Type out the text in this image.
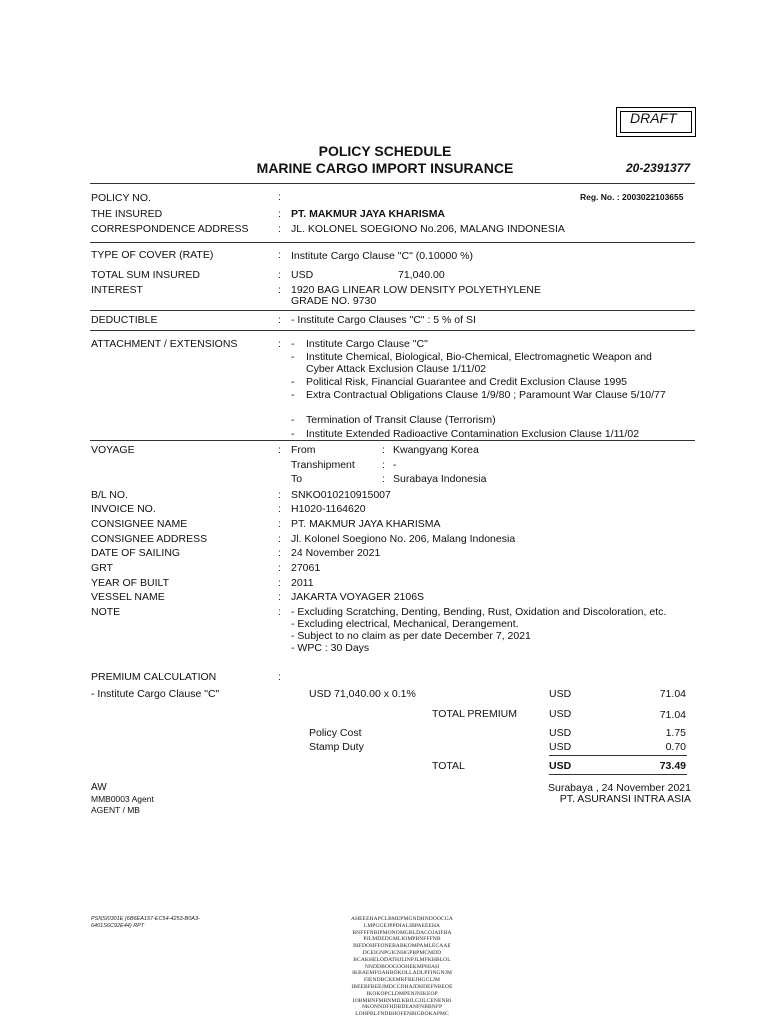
DRAFT
POLICY SCHEDULE
MARINE CARGO IMPORT INSURANCE	20-2391377
POLICY NO.	:	Reg. No. : 2003022103655
THE INSURED	: PT. MAKMUR JAYA KHARISMA
CORRESPONDENCE ADDRESS	: JL. KOLONEL SOEGIONO No.206, MALANG INDONESIA
TYPE OF COVER (RATE)	: Institute Cargo Clause "C" (0.10000 %)
TOTAL SUM INSURED	: USD	71,040.00
INTEREST	: 1920 BAG LINEAR LOW DENSITY POLYETHYLENE
GRADE NO. 9730
DEDUCTIBLE	: - Institute Cargo Clauses "C" : 5 % of SI
ATTACHMENT / EXTENSIONS	: - Institute Cargo Clause "C"
- Institute Chemical, Biological, Bio-Chemical, Electromagnetic Weapon and
Cyber Attack Exclusion Clause 1/11/02
- Political Risk, Financial Guarantee and Credit Exclusion Clause 1995
- Extra Contractual Obligations Clause 1/9/80 ; Paramount War Clause 5/10/77
- Termination of Transit Clause (Terrorism)
- Institute Extended Radioactive Contamination Exclusion Clause 1/11/02
VOYAGE	: From	: Kwangyang Korea
Transhipment	: -
To	: Surabaya Indonesia
B/L NO.	: SNKO010210915007
INVOICE NO.	: H1020-1164620
CONSIGNEE NAME	: PT. MAKMUR JAYA KHARISMA
CONSIGNEE ADDRESS	: Jl. Kolonel Soegiono No. 206, Malang Indonesia
DATE OF SAILING	: 24 November 2021
GRT	: 27061
YEAR OF BUILT	: 2011
VESSEL NAME	: JAKARTA VOYAGER 2106S
NOTE	: - Excluding Scratching, Denting, Bending, Rust, Oxidation and Discoloration, etc.
- Excluding electrical, Mechanical, Derangement.
- Subject to no claim as per date December 7, 2021
- WPC : 30 Days
PREMIUM CALCULATION	:
- Institute Cargo Clause "C"	USD 71,040.00 x 0.1%	USD	71.04
TOTAL PREMIUM	USD	71.04
Policy Cost	USD	1.75
Stamp Duty	USD	0.70
TOTAL	USD	73.49
AW
MMB0003 Agent
AGENT / MB
Surabaya , 24 November 2021
PT. ASURANSI INTRA ASIA
PSNSI0301E (6B6EA157-EC54-4253-B0A3-6401S6C92E44) RPT
AHEEEHAPCLBMEPMGNDHNDOOCGA
LMPGGEJPPDIALIBPAEEEHA
BNFFFNBIPMONOMGBLDACOJAIFHA
PJLMDEDGMLIOMPBNFFFNB
BIFDOHFFONEBABKOMPAMLECAAE
DCEIGNPGICNHGPBPMCMDD
BCAKHELODATHJLINPJLMFKHBLOL
NNDDBOOGOOHEKMPHIAH
IKBAEMFOAHBOKOLLADLPFINGNJM
FIENDBCKEMKFBEJHGCLJM
IBEEBFBEEJMDCCDHAJDHDEFNBEOE
IKOKOPCLDMPENJNIKEOP
IOBMBNFMBNMILKBILGJILCENENBI
NKONNDFHDBDEANFNBBNFP
LOHPBLFNDBHOFENBIGBOKAPMC
